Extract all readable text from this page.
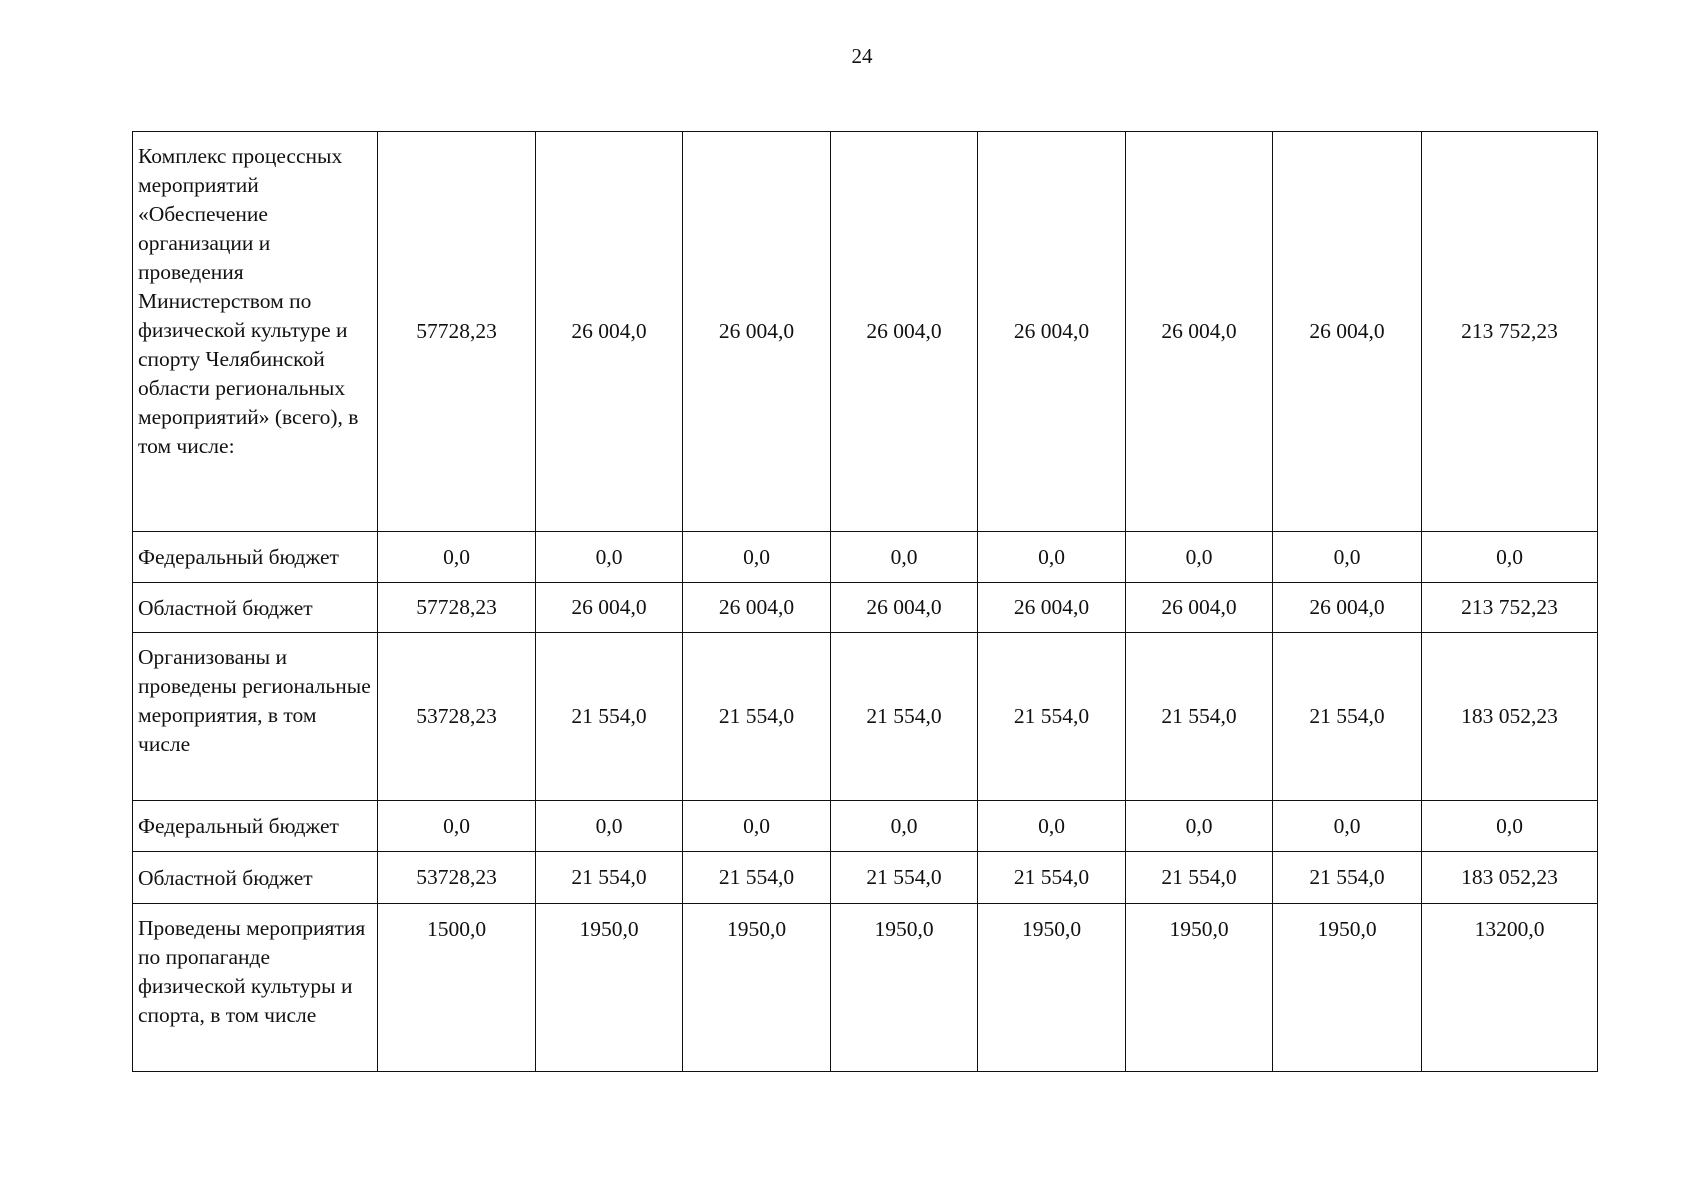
24
Комплекс процессных мероприятий «Обеспечение организации и проведения Министерством по физической культуре и спорту Челябинской области региональных мероприятий» (всего), в том числе:	57728,23	26 004,0	26 004,0	26 004,0	26 004,0	26 004,0	26 004,0	213 752,23
Федеральный бюджет	0,0	0,0	0,0	0,0	0,0	0,0	0,0	0,0
Областной бюджет	57728,23	26 004,0	26 004,0	26 004,0	26 004,0	26 004,0	26 004,0	213 752,23
Организованы и проведены региональные мероприятия, в том числе	53728,23	21 554,0	21 554,0	21 554,0	21 554,0	21 554,0	21 554,0	183 052,23
Федеральный бюджет	0,0	0,0	0,0	0,0	0,0	0,0	0,0	0,0
Областной бюджет	53728,23	21 554,0	21 554,0	21 554,0	21 554,0	21 554,0	21 554,0	183 052,23
Проведены мероприятия по пропаганде физической культуры и спорта, в том числе	1500,0	1950,0	1950,0	1950,0	1950,0	1950,0	1950,0	13200,0
